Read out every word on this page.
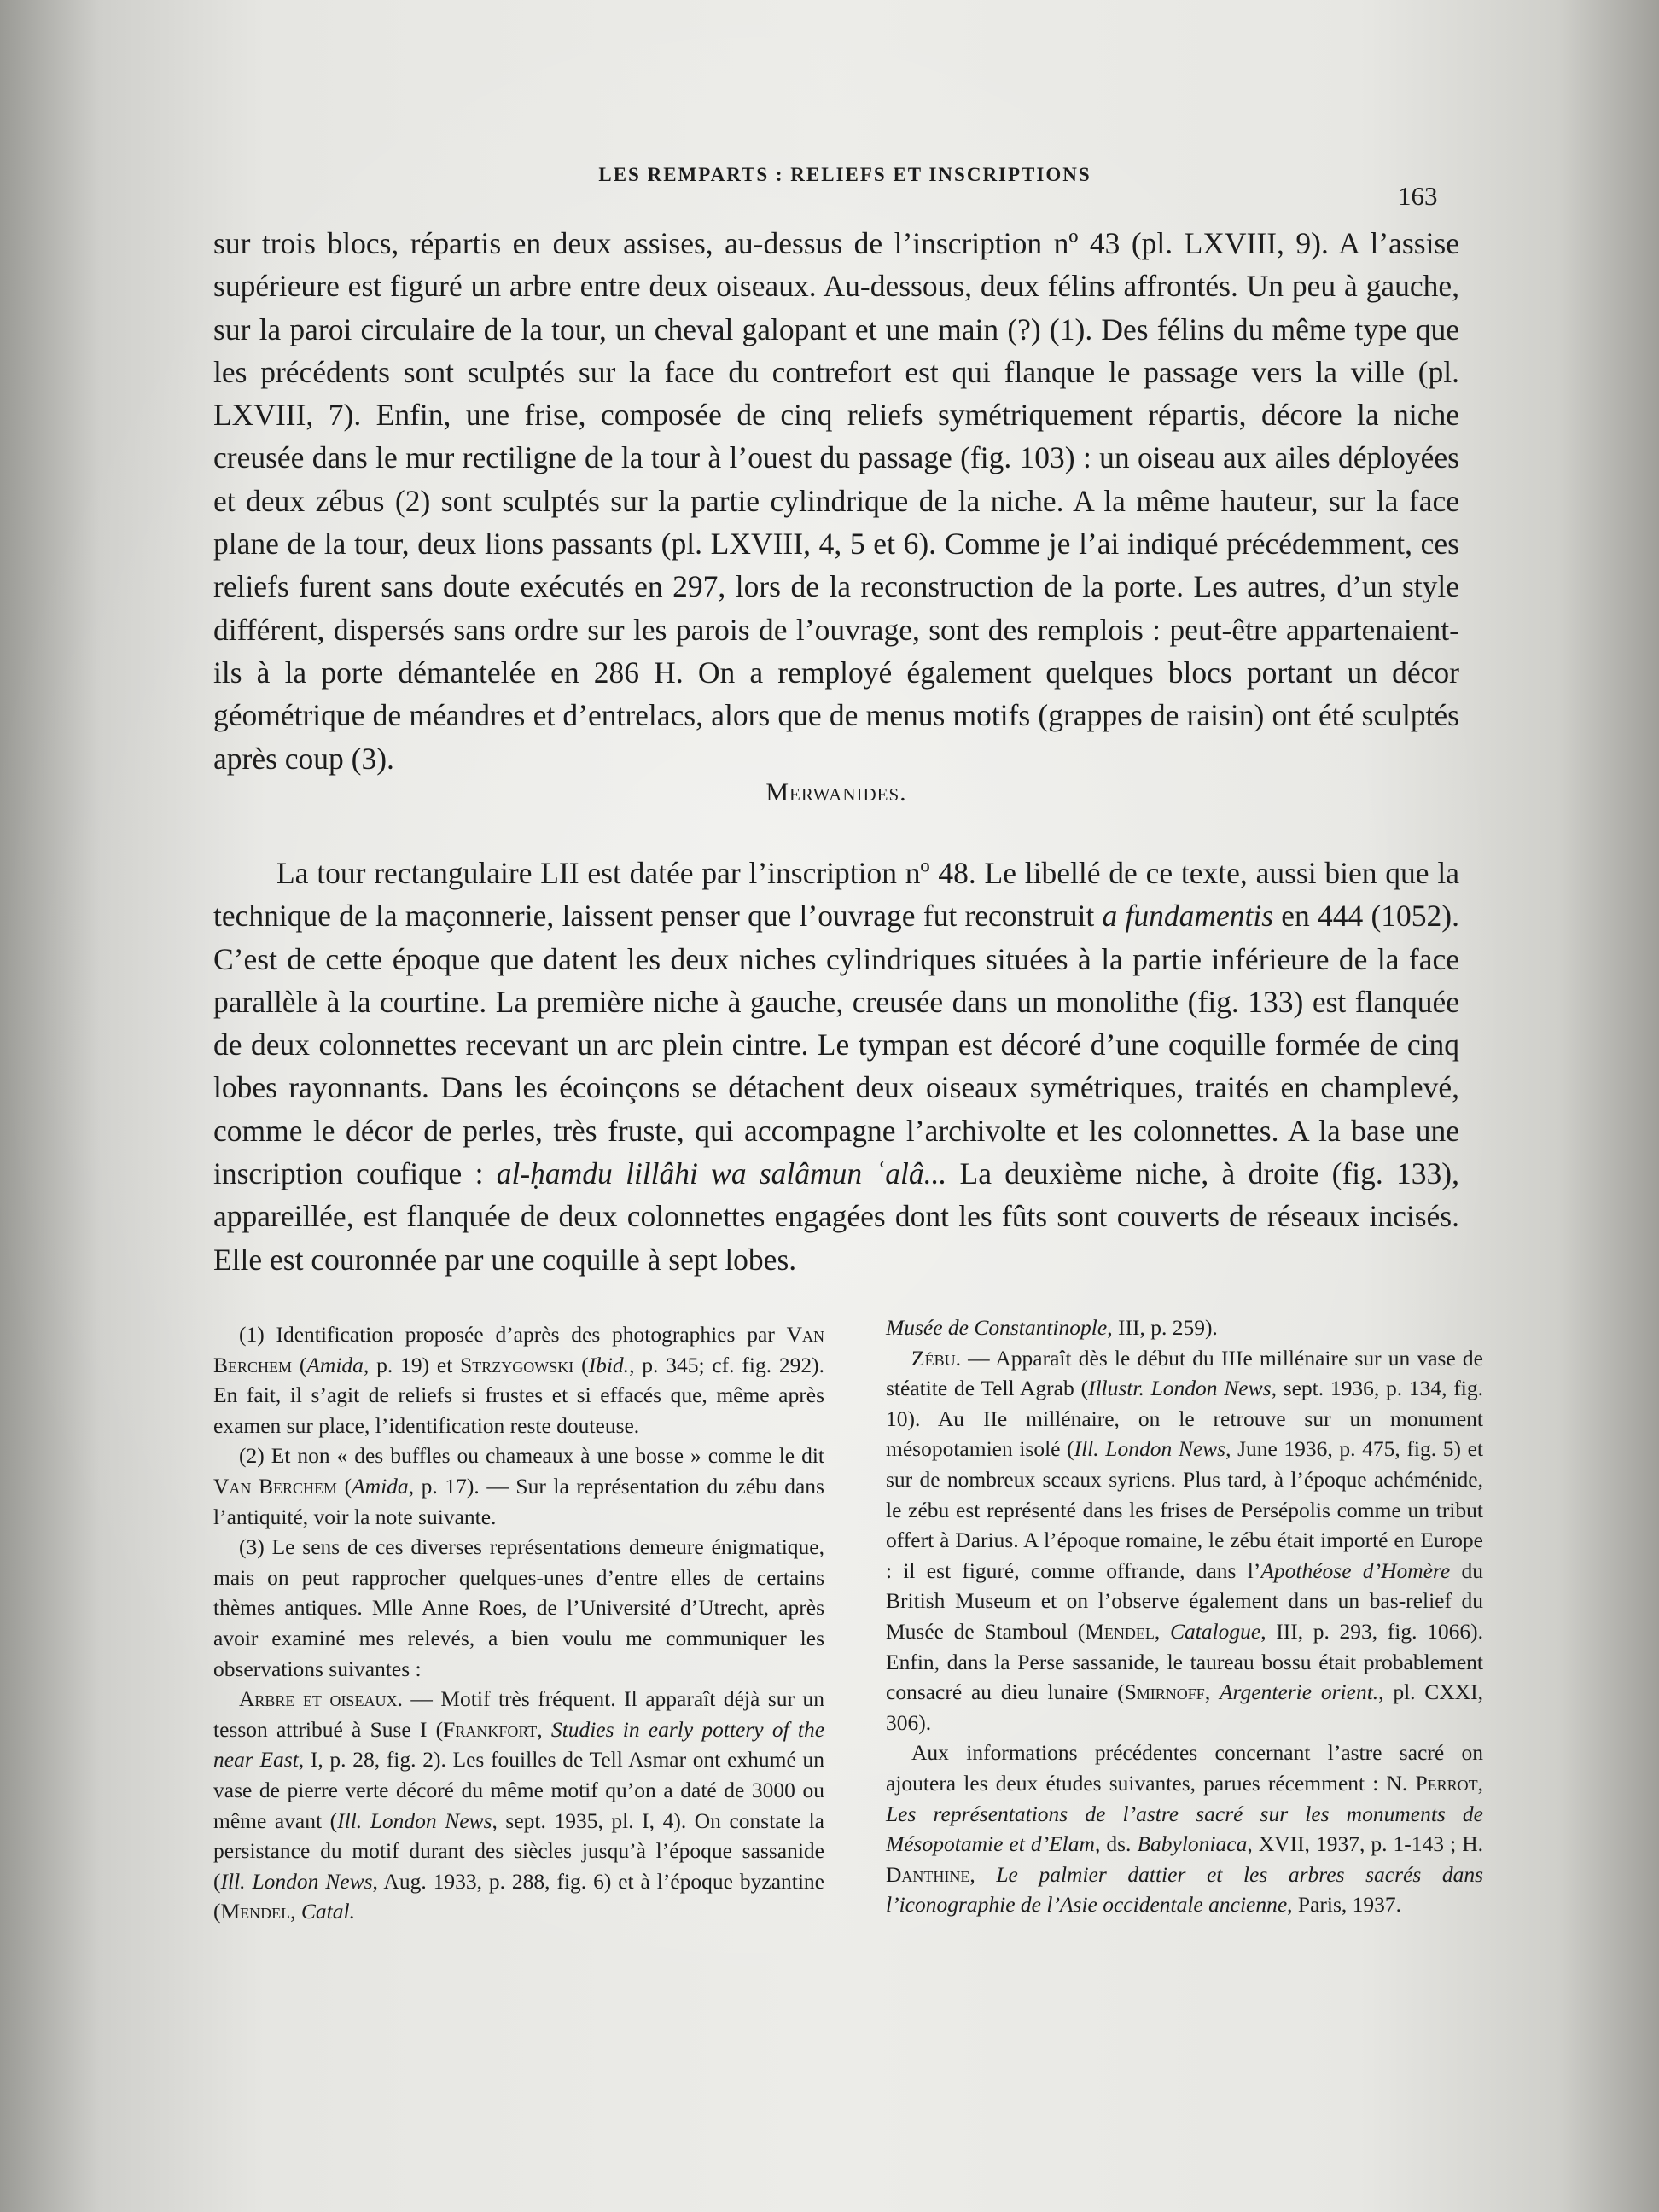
LES REMPARTS : RELIEFS ET INSCRIPTIONS
163

sur trois blocs, répartis en deux assises, au-dessus de l’inscription nº 43 (pl. LXVIII, 9). A l’assise supérieure est figuré un arbre entre deux oiseaux. Au-dessous, deux félins affrontés. Un peu à gauche, sur la paroi circulaire de la tour, un cheval galopant et une main (?) (1). Des félins du même type que les précédents sont sculptés sur la face du contrefort est qui flanque le passage vers la ville (pl. LXVIII, 7). Enfin, une frise, composée de cinq reliefs symétriquement répartis, décore la niche creusée dans le mur rectiligne de la tour à l’ouest du passage (fig. 103) : un oiseau aux ailes déployées et deux zébus (2) sont sculptés sur la partie cylindrique de la niche. A la même hauteur, sur la face plane de la tour, deux lions passants (pl. LXVIII, 4, 5 et 6). Comme je l’ai indiqué précédemment, ces reliefs furent sans doute exécutés en 297, lors de la reconstruction de la porte. Les autres, d’un style différent, dispersés sans ordre sur les parois de l’ouvrage, sont des remplois : peut-être appartenaient-ils à la porte démantelée en 286 H. On a remployé également quelques blocs portant un décor géométrique de méandres et d’entrelacs, alors que de menus motifs (grappes de raisin) ont été sculptés après coup (3).

Merwanides.

La tour rectangulaire LII est datée par l’inscription nº 48. Le libellé de ce texte, aussi bien que la technique de la maçonnerie, laissent penser que l’ouvrage fut reconstruit a fundamentis en 444 (1052). C’est de cette époque que datent les deux niches cylindriques situées à la partie inférieure de la face parallèle à la courtine. La première niche à gauche, creusée dans un monolithe (fig. 133) est flanquée de deux colonnettes recevant un arc plein cintre. Le tympan est décoré d’une coquille formée de cinq lobes rayonnants. Dans les écoinçons se détachent deux oiseaux symétriques, traités en champlevé, comme le décor de perles, très fruste, qui accompagne l’archivolte et les colonnettes. A la base une inscription coufique : al-ḥamdu lillâhi wa salâmun ʿalâ... La deuxième niche, à droite (fig. 133), appareillée, est flanquée de deux colonnettes engagées dont les fûts sont couverts de réseaux incisés. Elle est couronnée par une coquille à sept lobes.

(1) Identification proposée d’après des photographies par Van Berchem (Amida, p. 19) et Strzygowski (Ibid., p. 345; cf. fig. 292). En fait, il s’agit de reliefs si frustes et si effacés que, même après examen sur place, l’identification reste douteuse.

(2) Et non « des buffles ou chameaux à une bosse » comme le dit Van Berchem (Amida, p. 17). — Sur la représentation du zébu dans l’antiquité, voir la note suivante.

(3) Le sens de ces diverses représentations demeure énigmatique, mais on peut rapprocher quelques-unes d’entre elles de certains thèmes antiques. Mlle Anne Roes, de l’Université d’Utrecht, après avoir examiné mes relevés, a bien voulu me communiquer les observations suivantes :

Arbre et oiseaux. — Motif très fréquent. Il apparaît déjà sur un tesson attribué à Suse I (Frankfort, Studies in early pottery of the near East, I, p. 28, fig. 2). Les fouilles de Tell Asmar ont exhumé un vase de pierre verte décoré du même motif qu’on a daté de 3000 ou même avant (Ill. London News, sept. 1935, pl. I, 4). On constate la persistance du motif durant des siècles jusqu’à l’époque sassanide (Ill. London News, Aug. 1933, p. 288, fig. 6) et à l’époque byzantine (Mendel, Catal.

Musée de Constantinople, III, p. 259).

Zébu. — Apparaît dès le début du IIIe millénaire sur un vase de stéatite de Tell Agrab (Illustr. London News, sept. 1936, p. 134, fig. 10). Au IIe millénaire, on le retrouve sur un monument mésopotamien isolé (Ill. London News, June 1936, p. 475, fig. 5) et sur de nombreux sceaux syriens. Plus tard, à l’époque achéménide, le zébu est représenté dans les frises de Persépolis comme un tribut offert à Darius. A l’époque romaine, le zébu était importé en Europe : il est figuré, comme offrande, dans l’Apothéose d’Homère du British Museum et on l’observe également dans un bas-relief du Musée de Stamboul (Mendel, Catalogue, III, p. 293, fig. 1066). Enfin, dans la Perse sassanide, le taureau bossu était probablement consacré au dieu lunaire (Smirnoff, Argenterie orient., pl. CXXI, 306).

Aux informations précédentes concernant l’astre sacré on ajoutera les deux études suivantes, parues récemment : N. Perrot, Les représentations de l’astre sacré sur les monuments de Mésopotamie et d’Elam, ds. Babyloniaca, XVII, 1937, p. 1-143 ; H. Danthine, Le palmier dattier et les arbres sacrés dans l’iconographie de l’Asie occidentale ancienne, Paris, 1937.
